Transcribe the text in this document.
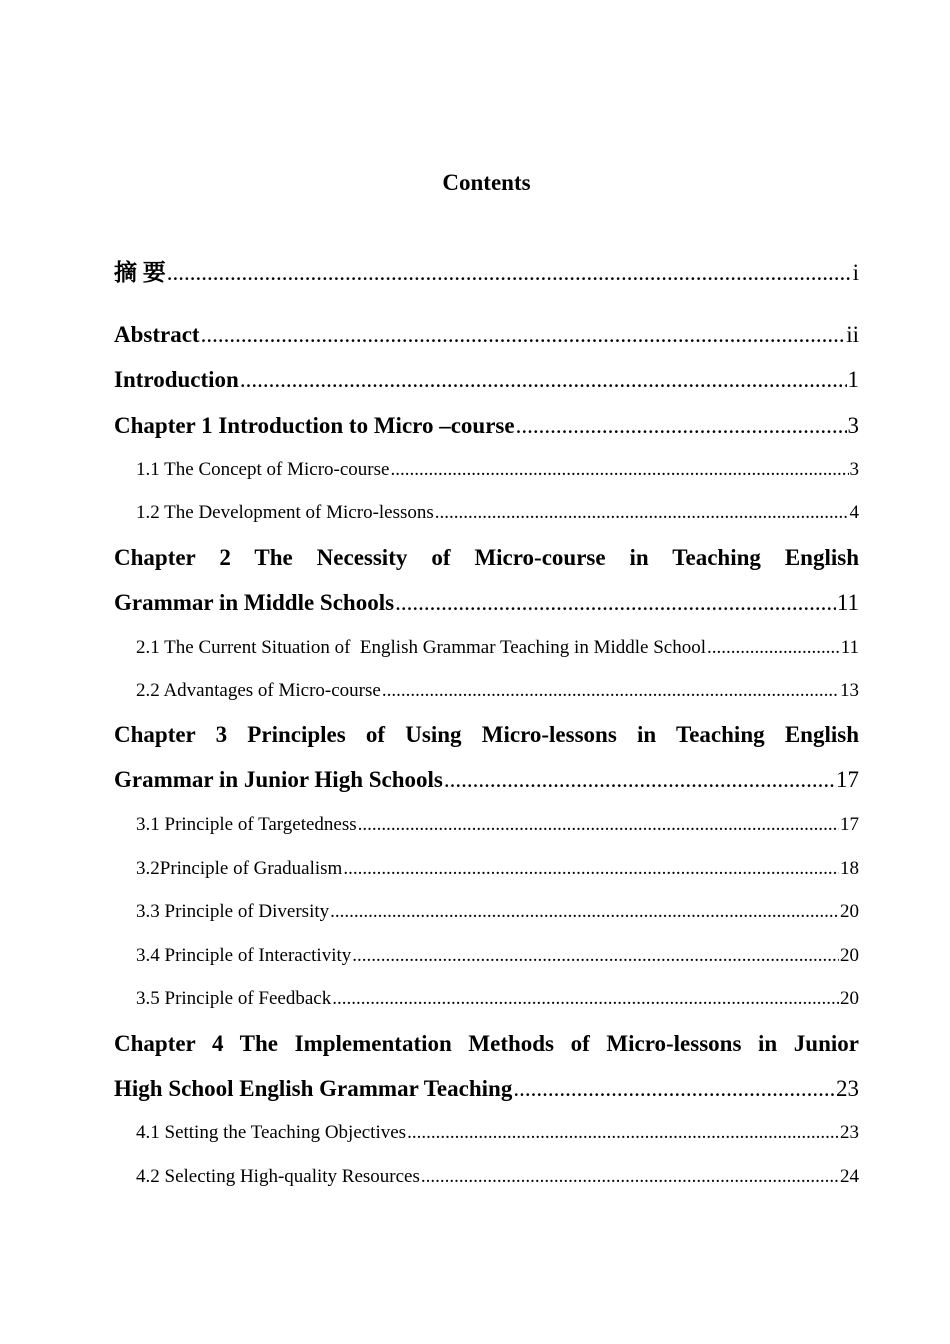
Contents
摘 要 .....	i
Abstract .....	ii
Introduction .....	1
Chapter 1 Introduction to Micro –course .....	3
1.1 The Concept of Micro-course .....	3
1.2 The Development of Micro-lessons .....	4
Chapter 2 The Necessity of Micro-course in Teaching English
Grammar in Middle Schools .....	11
2.1 The Current Situation of  English Grammar Teaching in Middle School .....	11
2.2 Advantages of Micro-course .....	13
Chapter 3 Principles of Using Micro-lessons in Teaching English
Grammar in Junior High Schools .....	17
3.1 Principle of Targetedness .....	17
3.2Principle of Gradualism .....	18
3.3 Principle of Diversity .....	20
3.4 Principle of Interactivity .....	20
3.5 Principle of Feedback .....	20
Chapter 4 The Implementation Methods of Micro-lessons in Junior
High School English Grammar Teaching .....	23
4.1 Setting the Teaching Objectives .....	23
4.2 Selecting High-quality Resources .....	24
